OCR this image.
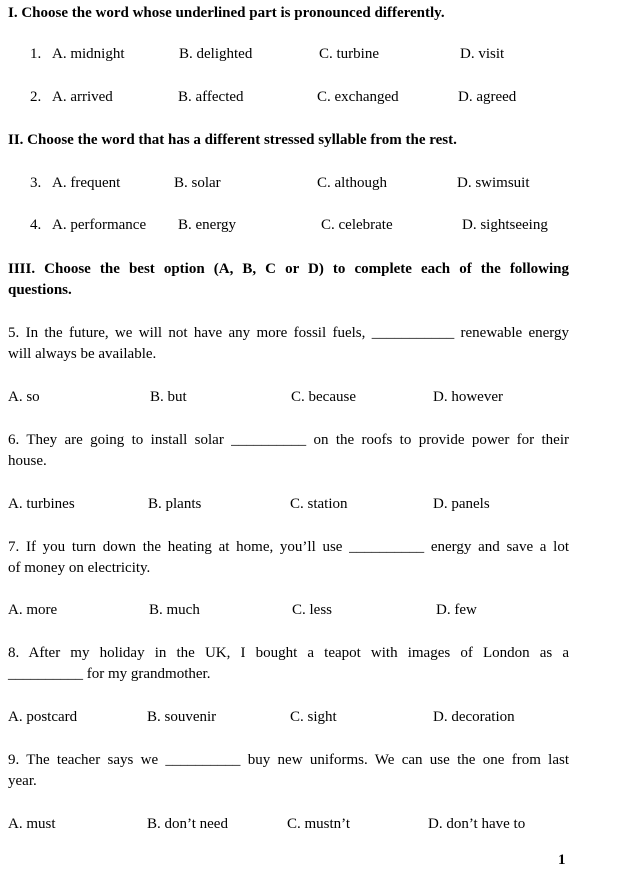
I. Choose the word whose underlined part is pronounced differently.
1. A. midnight	B. delighted	C. turbine	D. visit
2. A. arrived	B. affected	C. exchanged	D. agreed
II. Choose the word that has a different stressed syllable from the rest.
3. A. frequent	B. solar	C. although	D. swimsuit
4. A. performance B. energy	C. celebrate	D. sightseeing
IIII. Choose the best option (A, B, C or D) to complete each of the following
questions.
5. In the future, we will not have any more fossil fuels, ___________ renewable energy
will always be available.
A. so	B. but	C. because	D. however
6. They are going to install solar __________ on the roofs to provide power for their
house.
A. turbines	B. plants	C. station	D. panels
7. If you turn down the heating at home, you’ll use __________ energy and save a lot
of money on electricity.
A. more	B. much	C. less	D. few
8. After my holiday in the UK, I bought a teapot with images of London as a
__________ for my grandmother.
A. postcard	B. souvenir	C. sight	D. decoration
9. The teacher says we __________ buy new uniforms. We can use the one from last
year.
A. must	B. don’t need	C. mustn’t	D. don’t have to
1
